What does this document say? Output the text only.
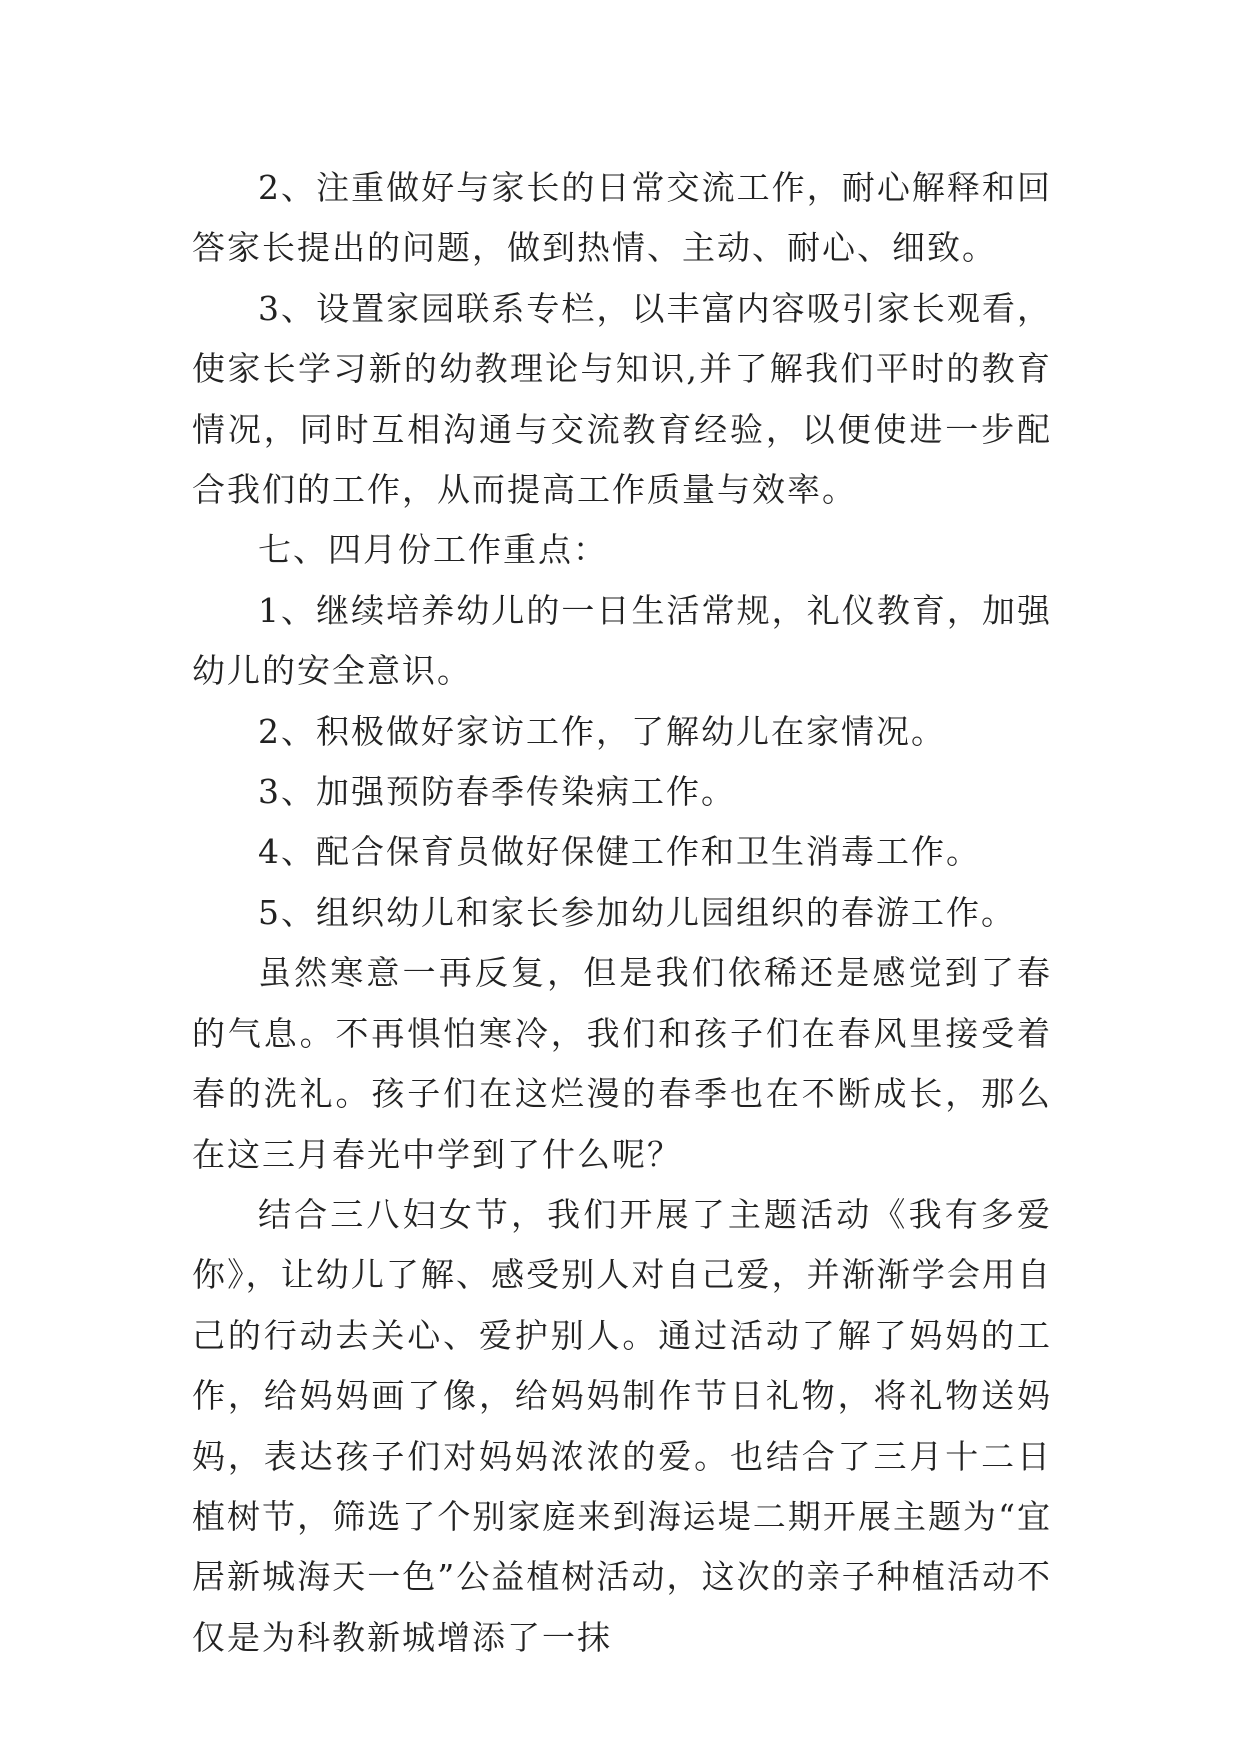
2、注重做好与家长的日常交流工作，耐心解释和回答家长提出的问题，做到热情、主动、耐心、细致。

3、设置家园联系专栏，以丰富内容吸引家长观看，使家长学习新的幼教理论与知识,并了解我们平时的教育情况，同时互相沟通与交流教育经验，以便使进一步配合我们的工作，从而提高工作质量与效率。

七、四月份工作重点：

1、继续培养幼儿的一日生活常规，礼仪教育，加强幼儿的安全意识。

2、积极做好家访工作，了解幼儿在家情况。

3、加强预防春季传染病工作。

4、配合保育员做好保健工作和卫生消毒工作。

5、组织幼儿和家长参加幼儿园组织的春游工作。

虽然寒意一再反复，但是我们依稀还是感觉到了春的气息。不再惧怕寒冷，我们和孩子们在春风里接受着春的洗礼。孩子们在这烂漫的春季也在不断成长，那么在这三月春光中学到了什么呢？

结合三八妇女节，我们开展了主题活动《我有多爱你》，让幼儿了解、感受别人对自己爱，并渐渐学会用自己的行动去关心、爱护别人。通过活动了解了妈妈的工作，给妈妈画了像，给妈妈制作节日礼物，将礼物送妈妈，表达孩子们对妈妈浓浓的爱。也结合了三月十二日植树节，筛选了个别家庭来到海运堤二期开展主题为“宜居新城海天一色”公益植树活动，这次的亲子种植活动不仅是为科教新城增添了一抹
